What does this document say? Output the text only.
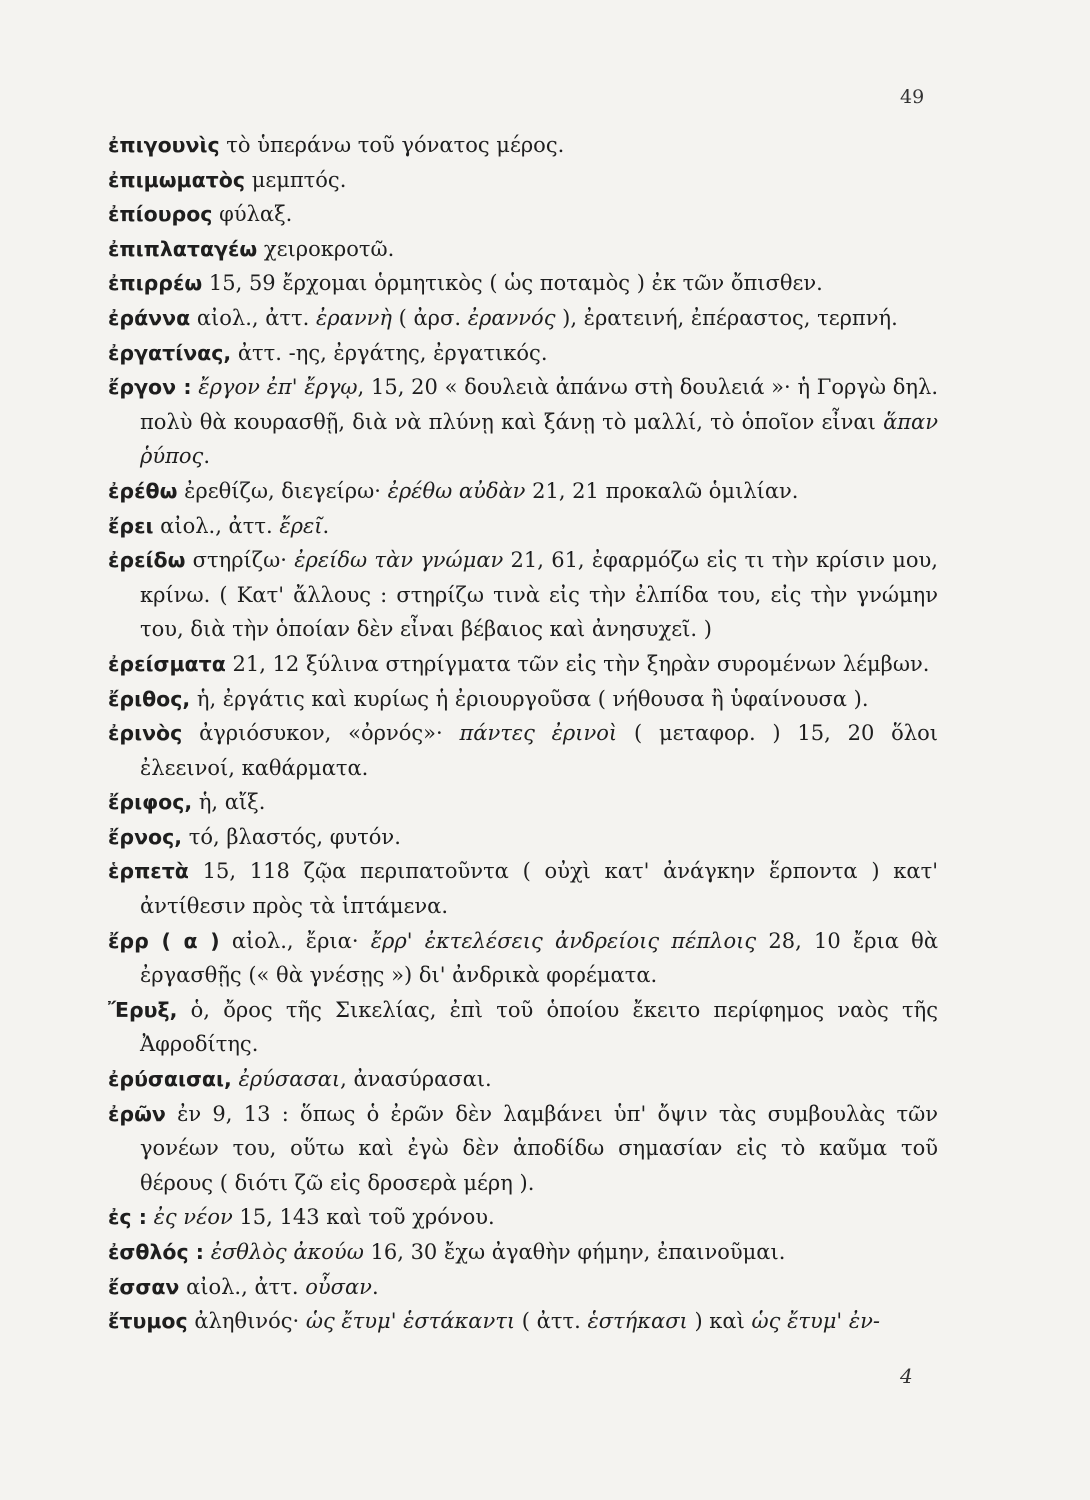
49
ἐπιγουνὶς τὸ ὑπεράνω τοῦ γόνατος μέρος.
ἐπιμωματὸς μεμπτός.
ἐπίουρος φύλαξ.
ἐπιπλαταγέω χειροκροτῶ.
ἐπιρρέω 15, 59 ἔρχομαι ὁρμητικὸς ( ὡς ποταμὸς ) ἐκ τῶν ὄπισθεν.
ἐράννα αἰολ., ἀττ. ἐραννὴ ( ἀρσ. ἐραννός ), ἐρατεινή, ἐπέραστος, τερπνή.
ἐργατίνας, ἀττ. -ης, ἐργάτης, ἐργατικός.
ἔργον : ἔργον ἐπ' ἔργῳ, 15, 20 « δουλειὰ ἀπάνω στὴ δουλειά »· ἡ Γοργὼ δηλ. πολὺ θὰ κουρασθῇ, διὰ νὰ πλύνῃ καὶ ξάνῃ τὸ μαλλί, τὸ ὁποῖον εἶναι ἅπαν ῥύπος.
ἐρέθω ἐρεθίζω, διεγείρω· ἐρέθω αὐδὰν 21, 21 προκαλῶ ὁμιλίαν.
ἔρει αἰολ., ἀττ. ἔρεῖ.
ἐρείδω στηρίζω· ἐρείδω τὰν γνώμαν 21, 61, ἐφαρμόζω εἰς τι τὴν κρίσιν μου, κρίνω. ( Κατ' ἄλλους : στηρίζω τινὰ εἰς τὴν ἐλπίδα του, εἰς τὴν γνώμην του, διὰ τὴν ὁποίαν δὲν εἶναι βέβαιος καὶ ἀνησυχεῖ. )
ἐρείσματα 21, 12 ξύλινα στηρίγματα τῶν εἰς τὴν ξηρὰν συρομένων λέμβων.
ἔριθος, ἡ, ἐργάτις καὶ κυρίως ἡ ἐριουργοῦσα ( νήθουσα ἢ ὑφαίνουσα ).
ἐρινὸς ἀγριόσυκον, «ὀρνός»· πάντες ἐρινοὶ ( μεταφορ. ) 15, 20 ὅλοι ἐλεεινοί, καθάρματα.
ἔριφος, ἡ, αἴξ.
ἔρνος, τό, βλαστός, φυτόν.
ἑρπετὰ 15, 118 ζῷα περιπατοῦντα ( οὐχὶ κατ' ἀνάγκην ἕρποντα ) κατ' ἀντίθεσιν πρὸς τὰ ἱπτάμενα.
ἔρρ ( α ) αἰολ., ἔρια· ἔρρ' ἐκτελέσεις ἀνδρείοις πέπλοις 28, 10 ἔρια θὰ ἐργασθῇς (« θὰ γνέσῃς ») δι' ἀνδρικὰ φορέματα.
Ἔρυξ, ὁ, ὄρος τῆς Σικελίας, ἐπὶ τοῦ ὁποίου ἔκειτο περίφημος ναὸς τῆς Ἀφροδίτης.
ἐρύσαισαι, ἐρύσασαι, ἀνασύρασαι.
ἐρῶν ἐν 9, 13 : ὅπως ὁ ἐρῶν δὲν λαμβάνει ὑπ' ὄψιν τὰς συμβουλὰς τῶν γονέων του, οὕτω καὶ ἐγὼ δὲν ἀποδίδω σημασίαν εἰς τὸ καῦμα τοῦ θέρους ( διότι ζῶ εἰς δροσερὰ μέρη ).
ἐς : ἐς νέον 15, 143 καὶ τοῦ χρόνου.
ἐσθλός : ἐσθλὸς ἀκούω 16, 30 ἔχω ἀγαθὴν φήμην, ἐπαινοῦμαι.
ἔσσαν αἰολ., ἀττ. οὖσαν.
ἔτυμος ἀληθινός· ὡς ἔτυμ' ἑστάκαντι ( ἀττ. ἑστήκασι ) καὶ ὡς ἔτυμ' ἐν-
4
